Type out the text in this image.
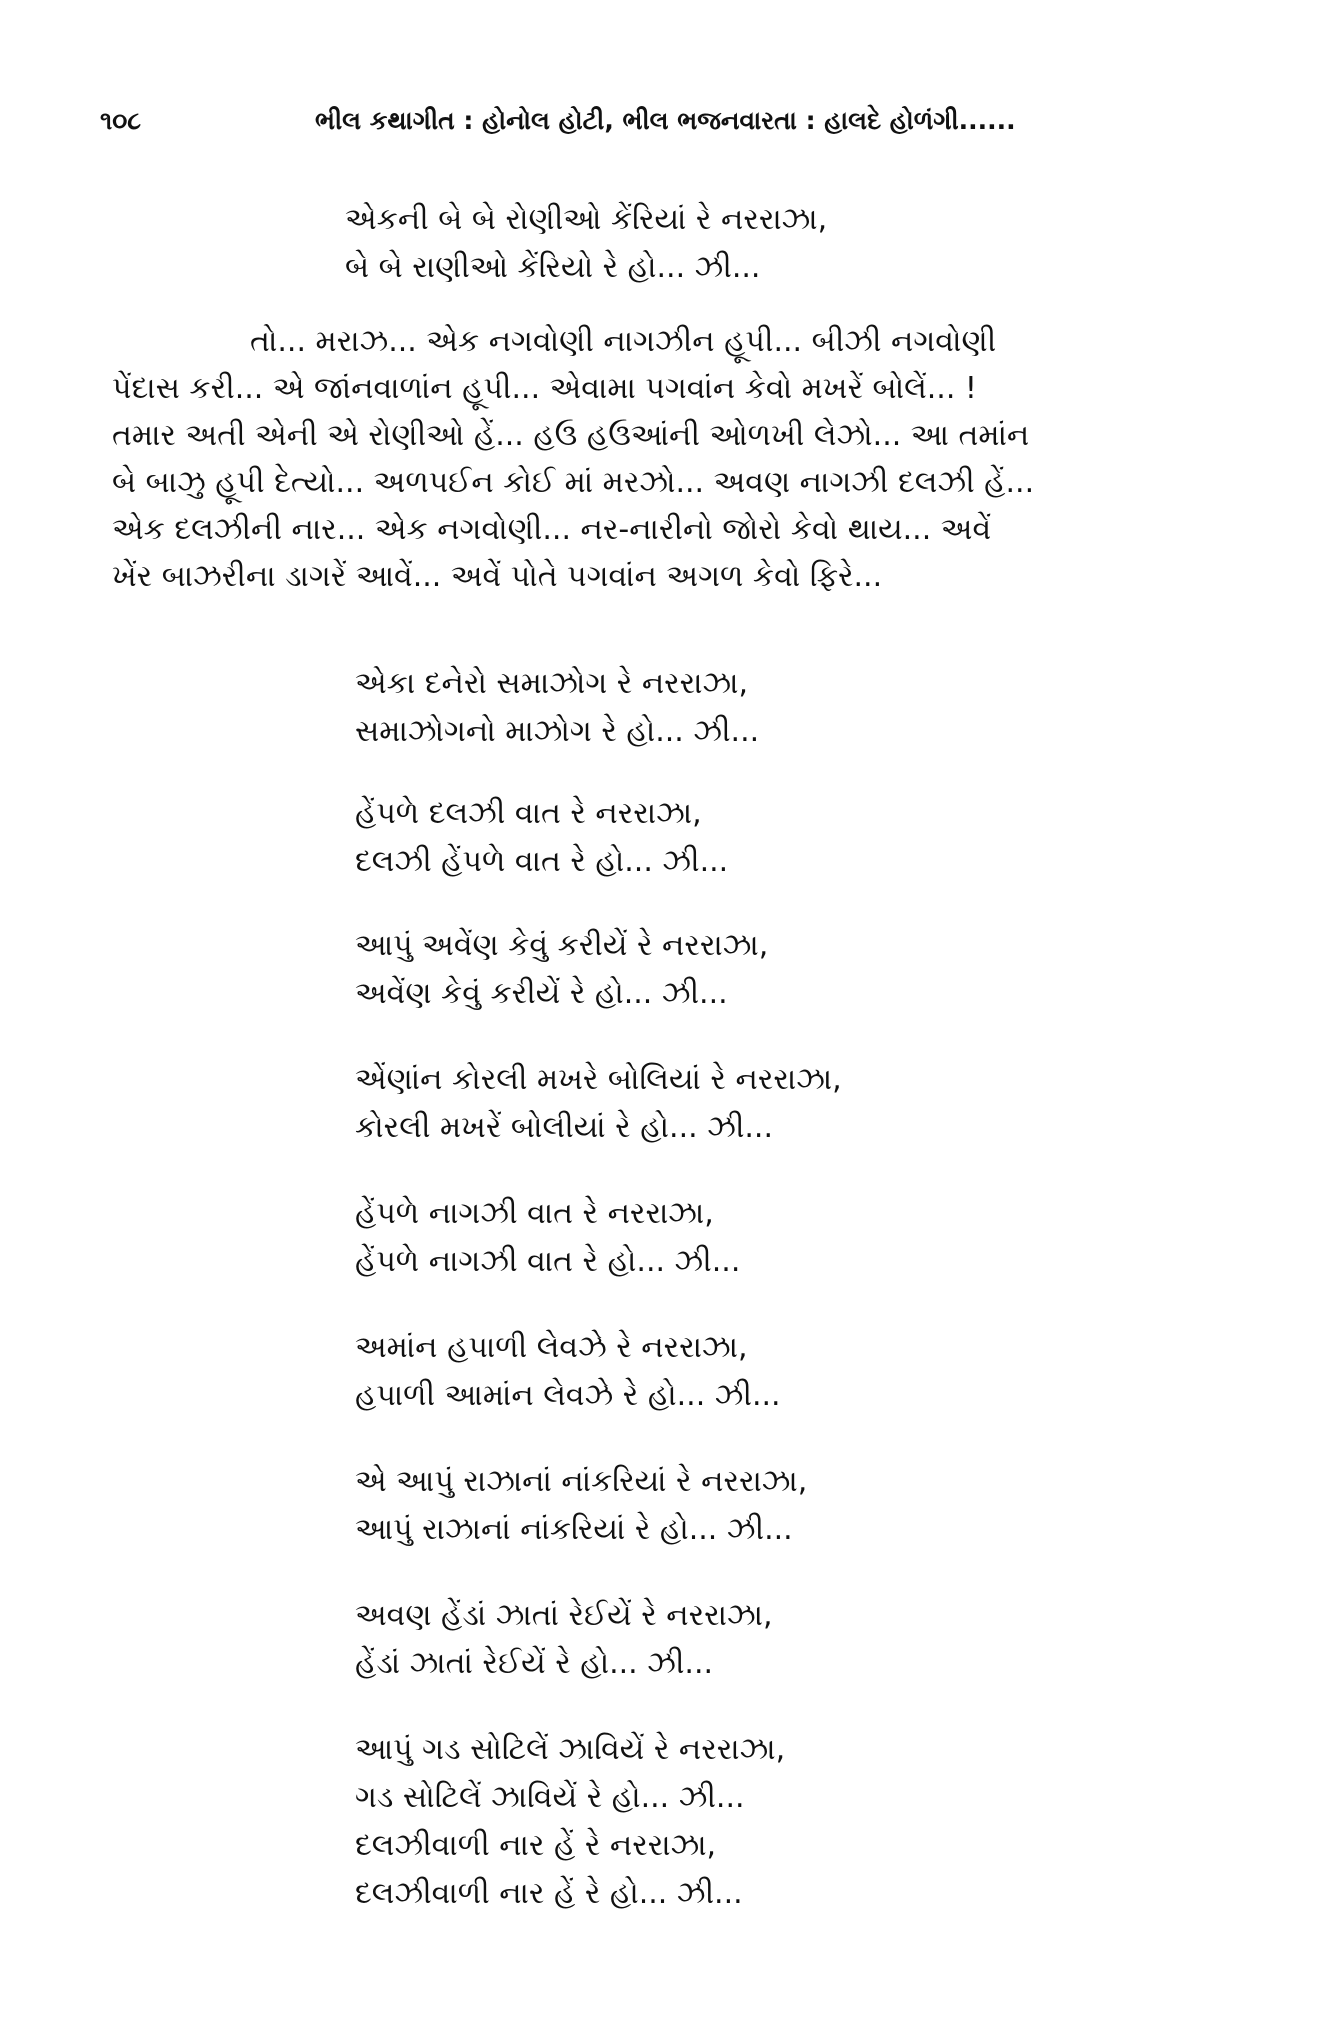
૧૦૮	ભીલ કથાગીત : હોનોલ હોટી, ભીલ ભજનવારતા : હાલદે હોળંગી......
એકની બે બે રોણીઓ કેંરિયાં રે નરરાઝા,
બે બે રાણીઓ કેંરિયો રે હો... ઝી...
તો... મરાઝ... એક નગવોણી નાગઝીન હૂપી... બીઝી નગવોણી
પેંદાસ કરી... એ જાંનવાળાંન હૂપી... એવામા પગવાંન કેવો મખરેં બોલેં... !
તમાર અતી એની એ રોણીઓ હેં... હઉ હઉઆંની ઓળખી લેઝો... આ તમાંન
બે બાઝુ હૂપી દેત્યો... અળપઈન કોઈ માં મરઝો... અવણ નાગઝી દલઝી હેં...
એક દલઝીની નાર... એક નગવોણી... નર-નારીનો જોરો કેવો થાય... અવેં
ખેંર બાઝરીના ડાગરેં આવેં... અવેં પોતે પગવાંન અગળ કેવો ફિરે...
એકા દનેરો સમાઝોગ રે નરરાઝા,
સમાઝોગનો માઝોગ રે હો... ઝી...
હેંપળે દલઝી વાત રે નરરાઝા,
દલઝી હેંપળે વાત રે હો... ઝી...
આપું અવેંણ કેવું કરીયેં રે નરરાઝા,
અવેંણ કેવું કરીયેં રે હો... ઝી...
એંણાંન કોરલી મખરે બોલિયાં રે નરરાઝા,
કોરલી મખરેં બોલીયાં રે હો... ઝી...
હેંપળે નાગઝી વાત રે નરરાઝા,
હેંપળે નાગઝી વાત રે હો... ઝી...
અમાંન હપાળી લેવઝે રે નરરાઝા,
હપાળી આમાંન લેવઝે રે હો... ઝી...
એ આપું રાઝાનાં નાંકરિયાં રે નરરાઝા,
આપું રાઝાનાં નાંકરિયાં રે હો... ઝી...
અવણ હેંડાં ઝાતાં રેઈયેં રે નરરાઝા,
હેંડાં ઝાતાં રેઈયેં રે હો... ઝી...
આપું ગડ સોટિલેં ઝાવિયેં રે નરરાઝા,
ગડ સોટિલેં ઝાવિયેં રે હો... ઝી...
દલઝીવાળી નાર હેં રે નરરાઝા,
દલઝીવાળી નાર હેં રે હો... ઝી...
